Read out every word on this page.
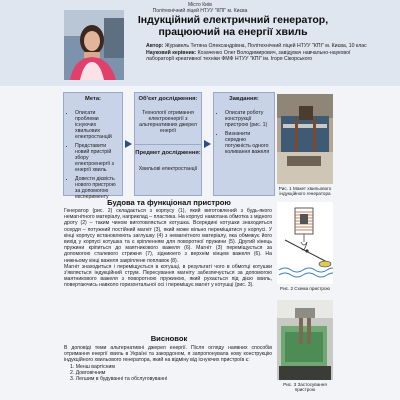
Місто Київ
Політехнічний ліцей НТУУ "КПІ" м. Києва
Індукційний електричний генератор, працюючий на енергії хвиль
Автор: Журавель Тетяна Олександрівна, Політехнічний ліцей НТУУ "КПІ" м. Києва, 10 клас
Науковий керівник: Козаченко Олег Володимирович, завідувач навчально-наукової лабораторії креативної техніки ФМФ НТУУ "КПІ" ім. Ігоря Сікорського
Мета:
• Описати проблеми існуючих хвильових електростанцій
• Представити новий пристрій збору електроенергії з енергії хвиль
• Довести дієвість нового пристрою за допомогою експерименту
Об'єкт дослідження:
Технології отримання електроенергії з альтернативних джерел енергії
Предмет дослідження:
Хвильові електростанції
Завдання:
• Описати роботу конструкції пристрою (рис. 1)
• Визначити середню потужність одного коливання важеля
Будова та функціонал пристрою

Генератор (рис. 2) складається з корпусу (1), який виготовлений з будь-якого немагнітного матеріалу, наприклад – пластика. На корпусі намотана обмотка з мідного дроту (2) – таким чином виготовляється котушка. Всередині котушки знаходиться осердя – потужний постійний магніт (3), який може вільно переміщатися у корпусі. У кінці корпусу встановлюють заглушку (4) з немагнітного матеріалу, яка обмежує його вихід у корпусі котушка та є кріпленням для поворотної пружини (5). Другий кінець пружини кріпиться до маятникового важеля (6). Магніт (3) переміщується за допомогою сталевого стрижня (7), зідниюего з верхнім кінцем важеля (6). На нижньому кінці важеля закріплене поплавок (8).

Магніт знаходиться і переміщується в котушці, в результаті чого в обмотці котушки з'являється індукційний струм. Пересування магніту забезпечується за допомогою маятникового важеля з поворотною пружиною, який рухається під дією хвиль, повертаючись навколо горизонтальної осі і переміщує магніт у котушці (рис. 3).

Висновок

В доповіді теми альтернативні джерел енергії. Після огляду наявних способів отримання енергії хвиль в Україні та закордоном, я запропонувала нову конструкцію індукційного хвильового генератора, який на відміну від існуючих пристроїв є:

1. Менш вартісним
2. Довговічним
3. Легшим в будуванні та обслуговуванні
Рис. 1 Макет хвильового індукційного генератора
Рис. 2 Схема пристрою
Рис. 3 Застосування пристрою
